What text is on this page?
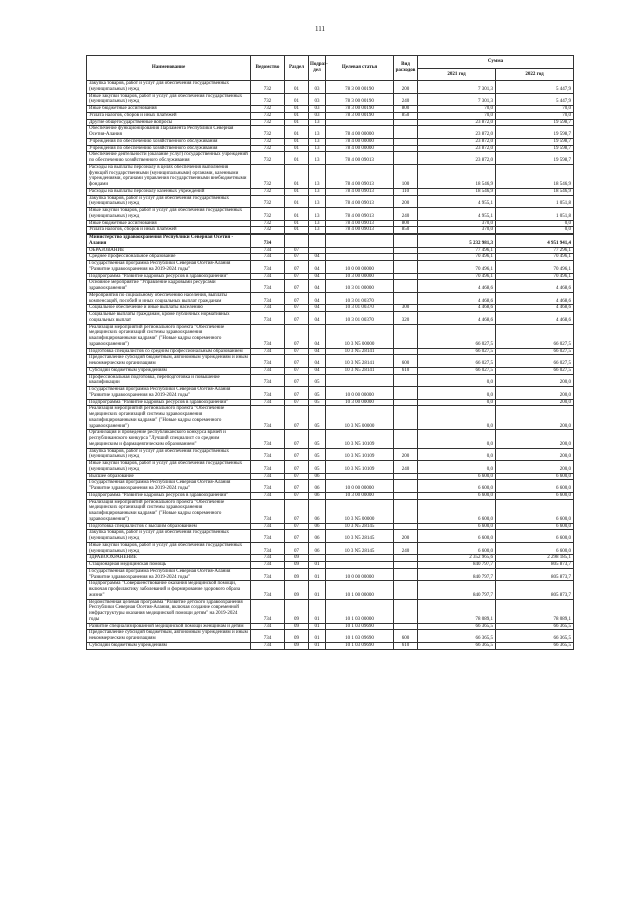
111
Наименование	Ведомство	Раздел	Подраз-дел	Целевая статья	Вид расходов	Сумма	
						2021 год	2022 год
Закупка товаров, работ и услуг для обеспечения государственных (муниципальных) нужд	732	01	03	78 3 00 00190	200	7 301,3	5 447,9
Иные закупки товаров, работ и услуг для обеспечения государственных (муниципальных) нужд	732	01	03	78 3 00 00190	240	7 301,3	5 447,9
Иные бюджетные ассигнования	732	01	03	78 3 00 00190	800	70,0	70,0
Уплата налогов, сборов и иных платежей	732	01	03	78 3 00 00190	850	70,0	70,0
Другие общегосударственные вопросы	732	01	13			23 872,0	19 598,7
Обеспечение функционирования Парламента Республики Северная Осетия-Алания	732	01	13	78 4 00 00000		23 872,0	19 598,7
Учреждения по обеспечению хозяйственного обслуживания	732	01	13	78 4 00 00000		23 872,0	19 598,7
Учреждения по обеспечению хозяйственного обслуживания	732	01	13	78 4 00 00000		23 872,0	19 598,7
Обеспечение деятельности (оказание услуг) государственных учреждений по обеспечению хозяйственного обслуживания	732	01	13	78 4 00 09013		23 872,0	19 598,7
Расходы на выплаты персоналу в целях обеспечения выполнения функций государственными (муниципальными) органами, казенными учреждениями, органами управления государственными внебюджетными фондами	732	01	13	78 4 00 09013	100	18 546,9	18 546,9
Расходы на выплаты персоналу казенных учреждений	732	01	13	78 4 00 09013	110	18 546,9	18 546,9
Закупка товаров, работ и услуг для обеспечения государственных (муниципальных) нужд	732	01	13	78 4 00 09013	200	4 955,1	1 051,8
Иные закупки товаров, работ и услуг для обеспечения государственных (муниципальных) нужд	732	01	13	78 4 00 09013	240	4 955,1	1 051,8
Иные бюджетные ассигнования	732	01	13	78 4 00 09013	800	370,0	0,0
Уплата налогов, сборов и иных платежей	732	01	13	78 4 00 09013	850	370,0	0,0

Министерство здравоохранения Республики Северная Осетия - Алания	734					5 232 981,3	4 951 941,4
ОБРАЗОВАНИЕ	734	07				77 496,1	77 296,1
Среднее профессиональное образование	734	07	04			70 496,1	70 496,1
Государственная программа Республики Северная Осетия-Алания "Развитие здравоохранения на 2019-2024 годы"	734	07	04	10 0 00 00000		70 496,1	70 496,1
Подпрограмма "Развитие кадровых ресурсов в здравоохранении"	734	07	04	10 3 00 00000		70 496,1	70 496,1
Основное мероприятие "Управление кадровыми ресурсами здравоохранения"	734	07	04	10 3 01 00000		4 468,6	4 468,6
Мероприятия по социальному обеспечению населения, выплаты компенсаций, пособий и иных социальных выплат гражданам	734	07	04	10 3 01 00370		4 468,6	4 468,6
Социальное обеспечение и иные выплаты населению	734	07	04	10 3 01 00370	300	4 468,6	4 468,6
Социальные выплаты гражданам, кроме публичных нормативных социальных выплат	734	07	04	10 3 01 00370	320	4 468,6	4 468,6
Реализация мероприятий регионального проекта "Обеспечение медицинских организаций системы здравоохранения квалифицированными кадрами" ("Новые кадры современного здравоохранения")	734	07	04	10 3 N5 00000		66 027,5	66 027,5
Подготовка специалистов со средним профессиональным образованием	734	07	04	10 3 N5 28141		66 027,5	66 027,5
Предоставление субсидий бюджетным, автономным учреждениям и иным некоммерческим организациям	734	07	04	10 3 N5 28141	600	66 027,5	66 027,5
Субсидии бюджетным учреждениям	734	07	04	10 3 N5 28141	610	66 027,5	66 027,5
Профессиональная подготовка, переподготовка и повышение квалификации	734	07	05			0,0	200,0
Государственная программа Республики Северная Осетия-Алания "Развитие здравоохранения на 2019-2024 годы"	734	07	05	10 0 00 00000		0,0	200,0
Подпрограмма "Развитие кадровых ресурсов в здравоохранении"	734	07	05	10 3 00 00000		0,0	200,0
Реализация мероприятий регионального проекта "Обеспечение медицинских организаций системы здравоохранения квалифицированными кадрами" ("Новые кадры современного здравоохранения")	734	07	05	10 3 N5 00000		0,0	200,0
Организация и проведение республиканского конкурса врачей и республиканского конкурса "Лучший специалист со средним медицинским и фармацевтическим образованием"	734	07	05	10 3 N5 10109		0,0	200,0
Закупка товаров, работ и услуг для обеспечения государственных (муниципальных) нужд	734	07	05	10 3 N5 10109	200	0,0	200,0
Иные закупки товаров, работ и услуг для обеспечения государственных (муниципальных) нужд	734	07	05	10 3 N5 10109	240	0,0	200,0
Высшее образование	734	07	06			6 600,0	6 600,0
Государственная программа Республики Северная Осетия-Алания "Развитие здравоохранения на 2019-2024 годы"	734	07	06	10 0 00 00000		6 600,0	6 600,0
Подпрограмма "Развитие кадровых ресурсов в здравоохранении"	734	07	06	10 3 00 00000		6 600,0	6 600,0
Реализация мероприятий регионального проекта "Обеспечение медицинских организаций системы здравоохранения квалифицированными кадрами" ("Новые кадры современного здравоохранения")	734	07	06	10 3 N5 00000		6 600,0	6 600,0
Подготовка специалистов с высшим образованием	734	07	06	10 3 N5 28145		6 600,0	6 600,0
Закупка товаров, работ и услуг для обеспечения государственных (муниципальных) нужд	734	07	06	10 3 N5 28145	200	6 600,0	6 600,0
Иные закупки товаров, работ и услуг для обеспечения государственных (муниципальных) нужд	734	07	06	10 3 N5 28145	240	6 600,0	6 600,0
ЗДРАВООХРАНЕНИЕ	734	09				2 352 965,6	2 298 185,1
Стационарная медицинская помощь	734	09	01			840 797,7	805 873,7
Государственная программа Республики Северная Осетия-Алания "Развитие здравоохранения на 2019-2024 годы"	734	09	01	10 0 00 00000		840 797,7	805 873,7
Подпрограмма "Совершенствование оказания медицинской помощи, включая профилактику заболеваний и формирование здорового образа жизни"	734	09	01	10 1 00 00000		840 797,7	805 873,7
Ведомственная целевая программа "Развитие детского здравоохранения Республики Северная Осетия-Алания, включая создание современной инфраструктуры оказания медицинской помощи детям" на 2019-2024 годы	734	09	01	10 1 03 00000		78 089,1	78 089,1
Развитие специализированной медицинской помощи женщинам и детям	734	09	01	10 1 03 09690		66 365,5	66 365,5
Предоставление субсидий бюджетным, автономным учреждениям и иным некоммерческим организациям	734	09	01	10 1 03 09690	600	66 365,5	66 365,5
Субсидии бюджетным учреждениям	734	09	01	10 1 03 09690	610	66 365,5	66 365,5
